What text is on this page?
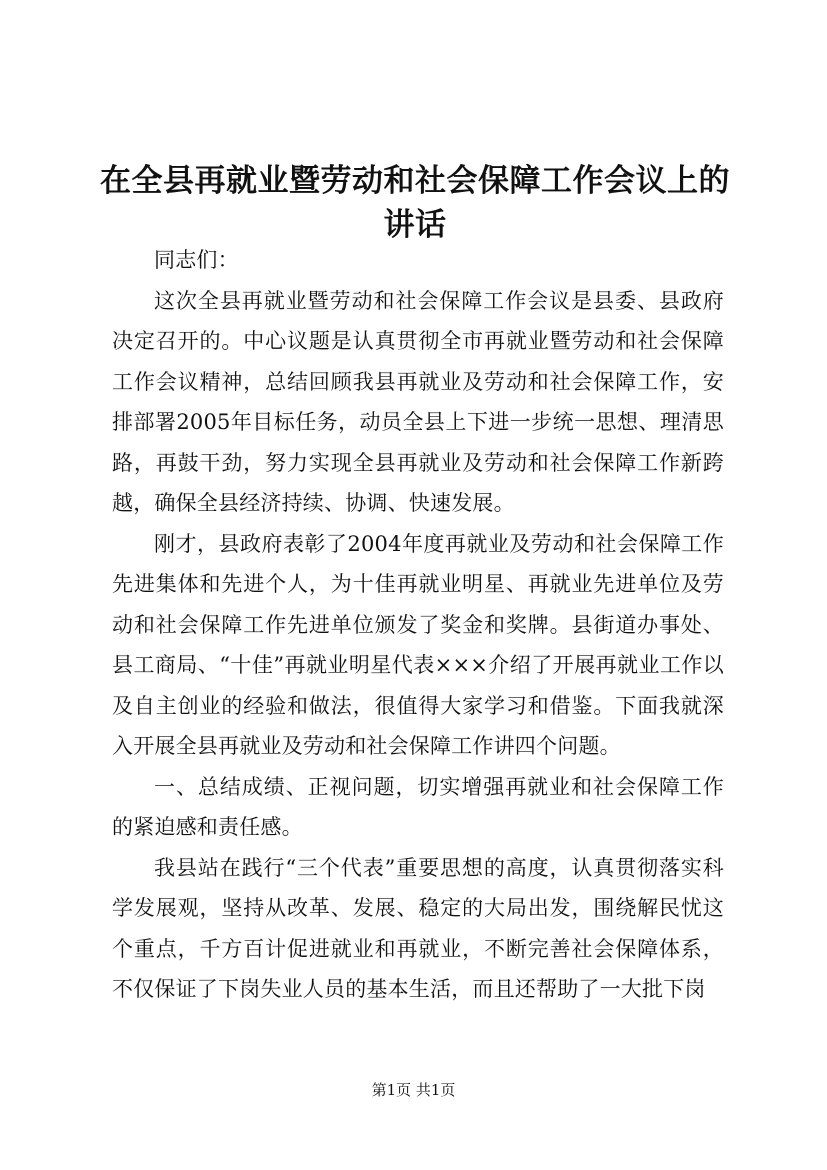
在全县再就业暨劳动和社会保障工作会议上的讲话

同志们：

这次全县再就业暨劳动和社会保障工作会议是县委、县政府决定召开的。中心议题是认真贯彻全市再就业暨劳动和社会保障工作会议精神，总结回顾我县再就业及劳动和社会保障工作，安排部署2005年目标任务，动员全县上下进一步统一思想、理清思路，再鼓干劲，努力实现全县再就业及劳动和社会保障工作新跨越，确保全县经济持续、协调、快速发展。

刚才，县政府表彰了2004年度再就业及劳动和社会保障工作先进集体和先进个人，为十佳再就业明星、再就业先进单位及劳动和社会保障工作先进单位颁发了奖金和奖牌。县街道办事处、县工商局、“十佳”再就业明星代表×××介绍了开展再就业工作以及自主创业的经验和做法，很值得大家学习和借鉴。下面我就深入开展全县再就业及劳动和社会保障工作讲四个问题。

一、总结成绩、正视问题，切实增强再就业和社会保障工作的紧迫感和责任感。

我县站在践行“三个代表”重要思想的高度，认真贯彻落实科学发展观，坚持从改革、发展、稳定的大局出发，围绕解民忧这个重点，千方百计促进就业和再就业，不断完善社会保障体系，不仅保证了下岗失业人员的基本生活，而且还帮助了一大批下岗

第1页 共1页
